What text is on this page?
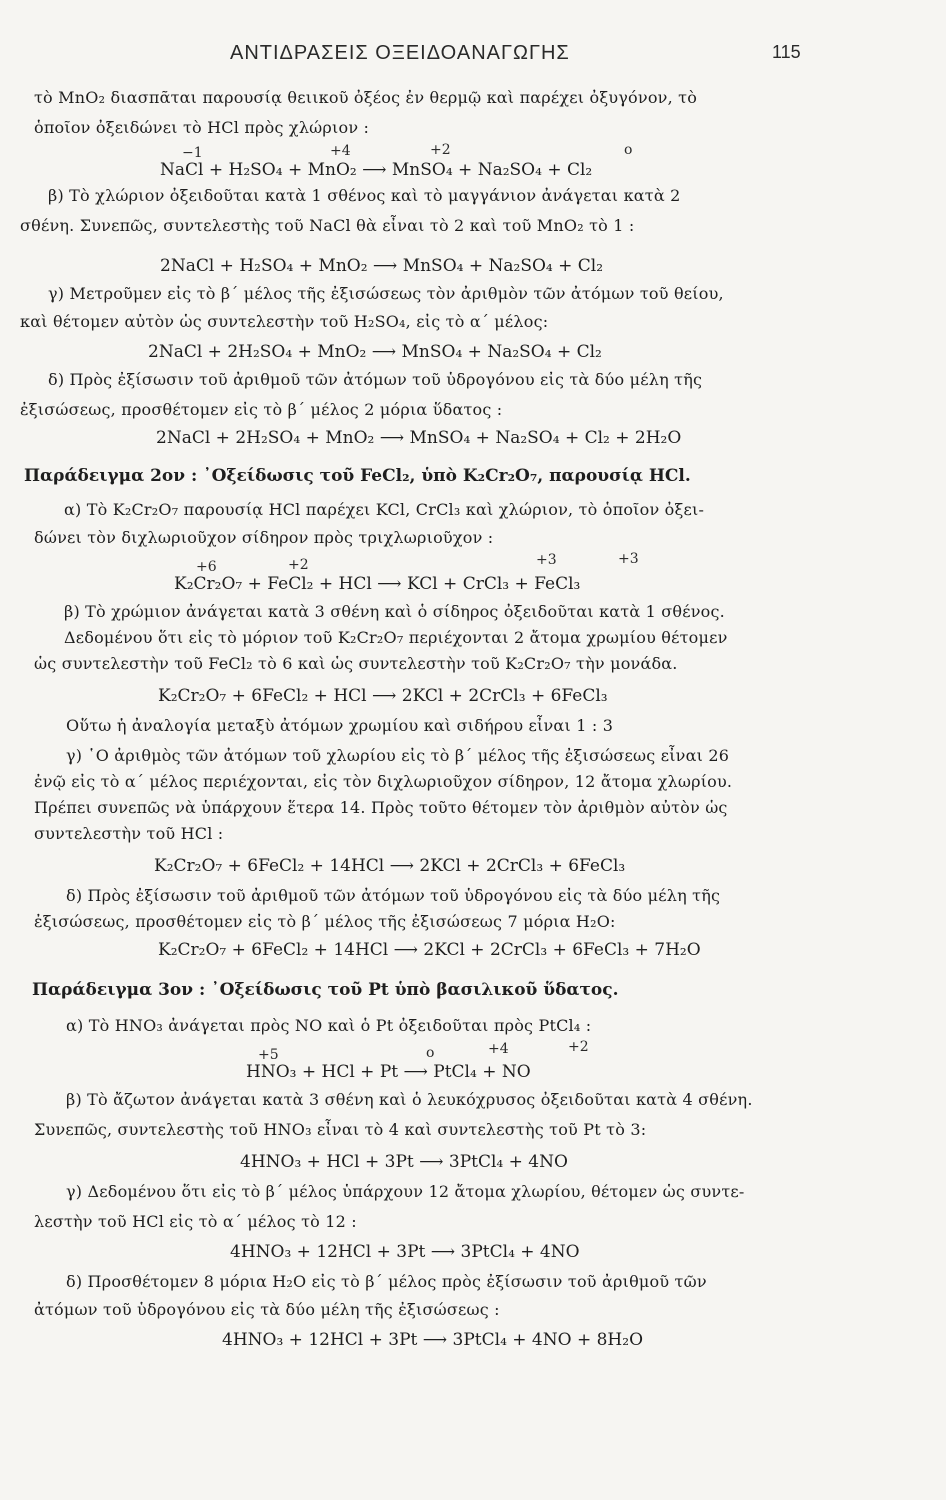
ΑΝΤΙΔΡΑΣΕΙΣ ΟΞΕΙΔΟΑΝΑΓΩΓΗΣ	115
τὸ MnO₂ διασπᾶται παρουσίᾳ θειικοῦ ὀξέος ἐν θερμῷ καὶ παρέχει ὀξυγόνον, τὸ
ὁποῖον ὀξειδώνει τὸ HCl πρὸς χλώριον :
−1	+4	+2	o
NaCl + H₂SO₄ + MnO₂ ⟶ MnSO₄ + Na₂SO₄ + Cl₂
β) Τὸ χλώριον ὀξειδοῦται κατὰ 1 σθένος καὶ τὸ μαγγάνιον ἀνάγεται κατὰ 2
σθένη. Συνεπῶς, συντελεστὴς τοῦ NaCl θὰ εἶναι τὸ 2 καὶ τοῦ MnO₂ τὸ 1 :
2NaCl + H₂SO₄ + MnO₂ ⟶ MnSO₄ + Na₂SO₄ + Cl₂
γ) Μετροῦμεν εἰς τὸ β΄ μέλος τῆς ἐξισώσεως τὸν ἀριθμὸν τῶν ἀτόμων τοῦ θείου,
καὶ θέτομεν αὐτὸν ὡς συντελεστὴν τοῦ H₂SO₄, εἰς τὸ α΄ μέλος:
2NaCl + 2H₂SO₄ + MnO₂ ⟶ MnSO₄ + Na₂SO₄ + Cl₂
δ) Πρὸς ἐξίσωσιν τοῦ ἀριθμοῦ τῶν ἀτόμων τοῦ ὑδρογόνου εἰς τὰ δύο μέλη τῆς
ἐξισώσεως, προσθέτομεν εἰς τὸ β΄ μέλος 2 μόρια ὕδατος :
2NaCl + 2H₂SO₄ + MnO₂ ⟶ MnSO₄ + Na₂SO₄ + Cl₂ + 2H₂O
Παράδειγμα 2ον : ᾿Οξείδωσις τοῦ FeCl₂, ὑπὸ K₂Cr₂O₇, παρουσίᾳ HCl.
α) Τὸ K₂Cr₂O₇ παρουσίᾳ HCl παρέχει KCl, CrCl₃ καὶ χλώριον, τὸ ὁποῖον ὀξει-
δώνει τὸν διχλωριοῦχον σίδηρον πρὸς τριχλωριοῦχον :
+6	+2	+3	+3
K₂Cr₂O₇ + FeCl₂ + HCl ⟶ KCl + CrCl₃ + FeCl₃
β) Τὸ χρώμιον ἀνάγεται κατὰ 3 σθένη καὶ ὁ σίδηρος ὀξειδοῦται κατὰ 1 σθένος.
Δεδομένου ὅτι εἰς τὸ μόριον τοῦ K₂Cr₂O₇ περιέχονται 2 ἄτομα χρωμίου θέτομεν
ὡς συντελεστὴν τοῦ FeCl₂ τὸ 6 καὶ ὡς συντελεστὴν τοῦ K₂Cr₂O₇ τὴν μονάδα.
K₂Cr₂O₇ + 6FeCl₂ + HCl ⟶ 2KCl + 2CrCl₃ + 6FeCl₃
Οὕτω ἡ ἀναλογία μεταξὺ ἀτόμων χρωμίου καὶ σιδήρου εἶναι 1 : 3
γ) ῾Ο ἀριθμὸς τῶν ἀτόμων τοῦ χλωρίου εἰς τὸ β΄ μέλος τῆς ἐξισώσεως εἶναι 26
ἐνῷ εἰς τὸ α΄ μέλος περιέχονται, εἰς τὸν διχλωριοῦχον σίδηρον, 12 ἄτομα χλωρίου.
Πρέπει συνεπῶς νὰ ὑπάρχουν ἕτερα 14. Πρὸς τοῦτο θέτομεν τὸν ἀριθμὸν αὐτὸν ὡς
συντελεστὴν τοῦ HCl :
K₂Cr₂O₇ + 6FeCl₂ + 14HCl ⟶ 2KCl + 2CrCl₃ + 6FeCl₃
δ) Πρὸς ἐξίσωσιν τοῦ ἀριθμοῦ τῶν ἀτόμων τοῦ ὑδρογόνου εἰς τὰ δύο μέλη τῆς
ἐξισώσεως, προσθέτομεν εἰς τὸ β΄ μέλος τῆς ἐξισώσεως 7 μόρια H₂O:
K₂Cr₂O₇ + 6FeCl₂ + 14HCl ⟶ 2KCl + 2CrCl₃ + 6FeCl₃ + 7H₂O
Παράδειγμα 3ον : ᾿Οξείδωσις τοῦ Pt ὑπὸ βασιλικοῦ ὕδατος.
α) Τὸ HNO₃ ἀνάγεται πρὸς NO καὶ ὁ Pt ὀξειδοῦται πρὸς PtCl₄ :
+5	o	+4	+2
HNO₃ + HCl + Pt ⟶ PtCl₄ + NO
β) Τὸ ἄζωτον ἀνάγεται κατὰ 3 σθένη καὶ ὁ λευκόχρυσος ὀξειδοῦται κατὰ 4 σθένη.
Συνεπῶς, συντελεστὴς τοῦ HNO₃ εἶναι τὸ 4 καὶ συντελεστὴς τοῦ Pt τὸ 3:
4HNO₃ + HCl + 3Pt ⟶ 3PtCl₄ + 4NO
γ) Δεδομένου ὅτι εἰς τὸ β΄ μέλος ὑπάρχουν 12 ἄτομα χλωρίου, θέτομεν ὡς συντε-
λεστὴν τοῦ HCl εἰς τὸ α΄ μέλος τὸ 12 :
4HNO₃ + 12HCl + 3Pt ⟶ 3PtCl₄ + 4NO
δ) Προσθέτομεν 8 μόρια H₂O εἰς τὸ β΄ μέλος πρὸς ἐξίσωσιν τοῦ ἀριθμοῦ τῶν
ἀτόμων τοῦ ὑδρογόνου εἰς τὰ δύο μέλη τῆς ἐξισώσεως :
4HNO₃ + 12HCl + 3Pt ⟶ 3PtCl₄ + 4NO + 8H₂O
